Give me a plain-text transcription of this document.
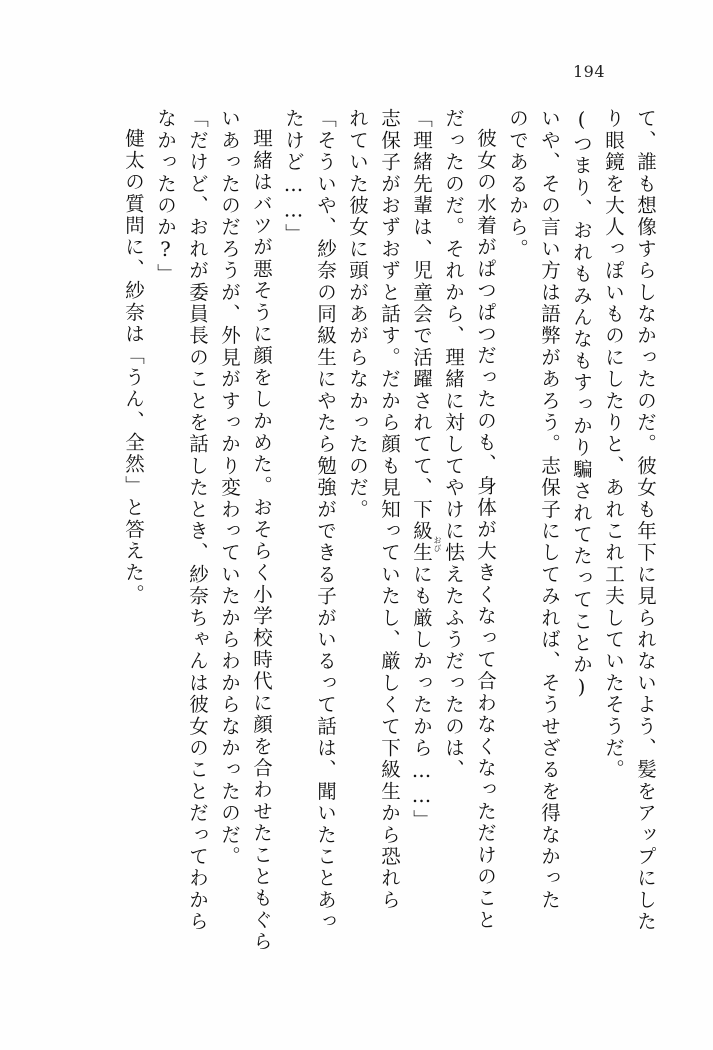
194
て、誰も想像すらしなかったのだ。彼女も年下に見られないよう、髪をアップにした
り眼鏡を大人っぽいものにしたりと、あれこれ工夫していたそうだ。
(つまり、おれもみんなもすっかり騙されてたってことか)
いや、その言い方は語弊があろう。志保子にしてみれば、そうせざるを得なかった
のであるから。
彼女の水着がぱつぱつだったのも、身体が大きくなって合わなくなっただけのこと
だったのだ。それから、理緒に対してやけに怯えたふうだったのは、
「理緒先輩は、児童会で活躍されてて、下級生にも厳しかったから……」
志保子がおずおずと話す。だから顔も見知っていたし、厳しくて下級生から恐れら
れていた彼女に頭があがらなかったのだ。
「そういや、紗奈の同級生にやたら勉強ができる子がいるって話は、聞いたことあっ
たけど……」
理緒はバツが悪そうに顔をしかめた。おそらく小学校時代に顔を合わせたこともぐら
いあったのだろうが、外見がすっかり変わっていたからわからなかったのだ。
「だけど、おれが委員長のことを話したとき、紗奈ちゃんは彼女のことだってわから
なかったのか?」
健太の質問に、紗奈は「うん、全然」と答えた。	おび
